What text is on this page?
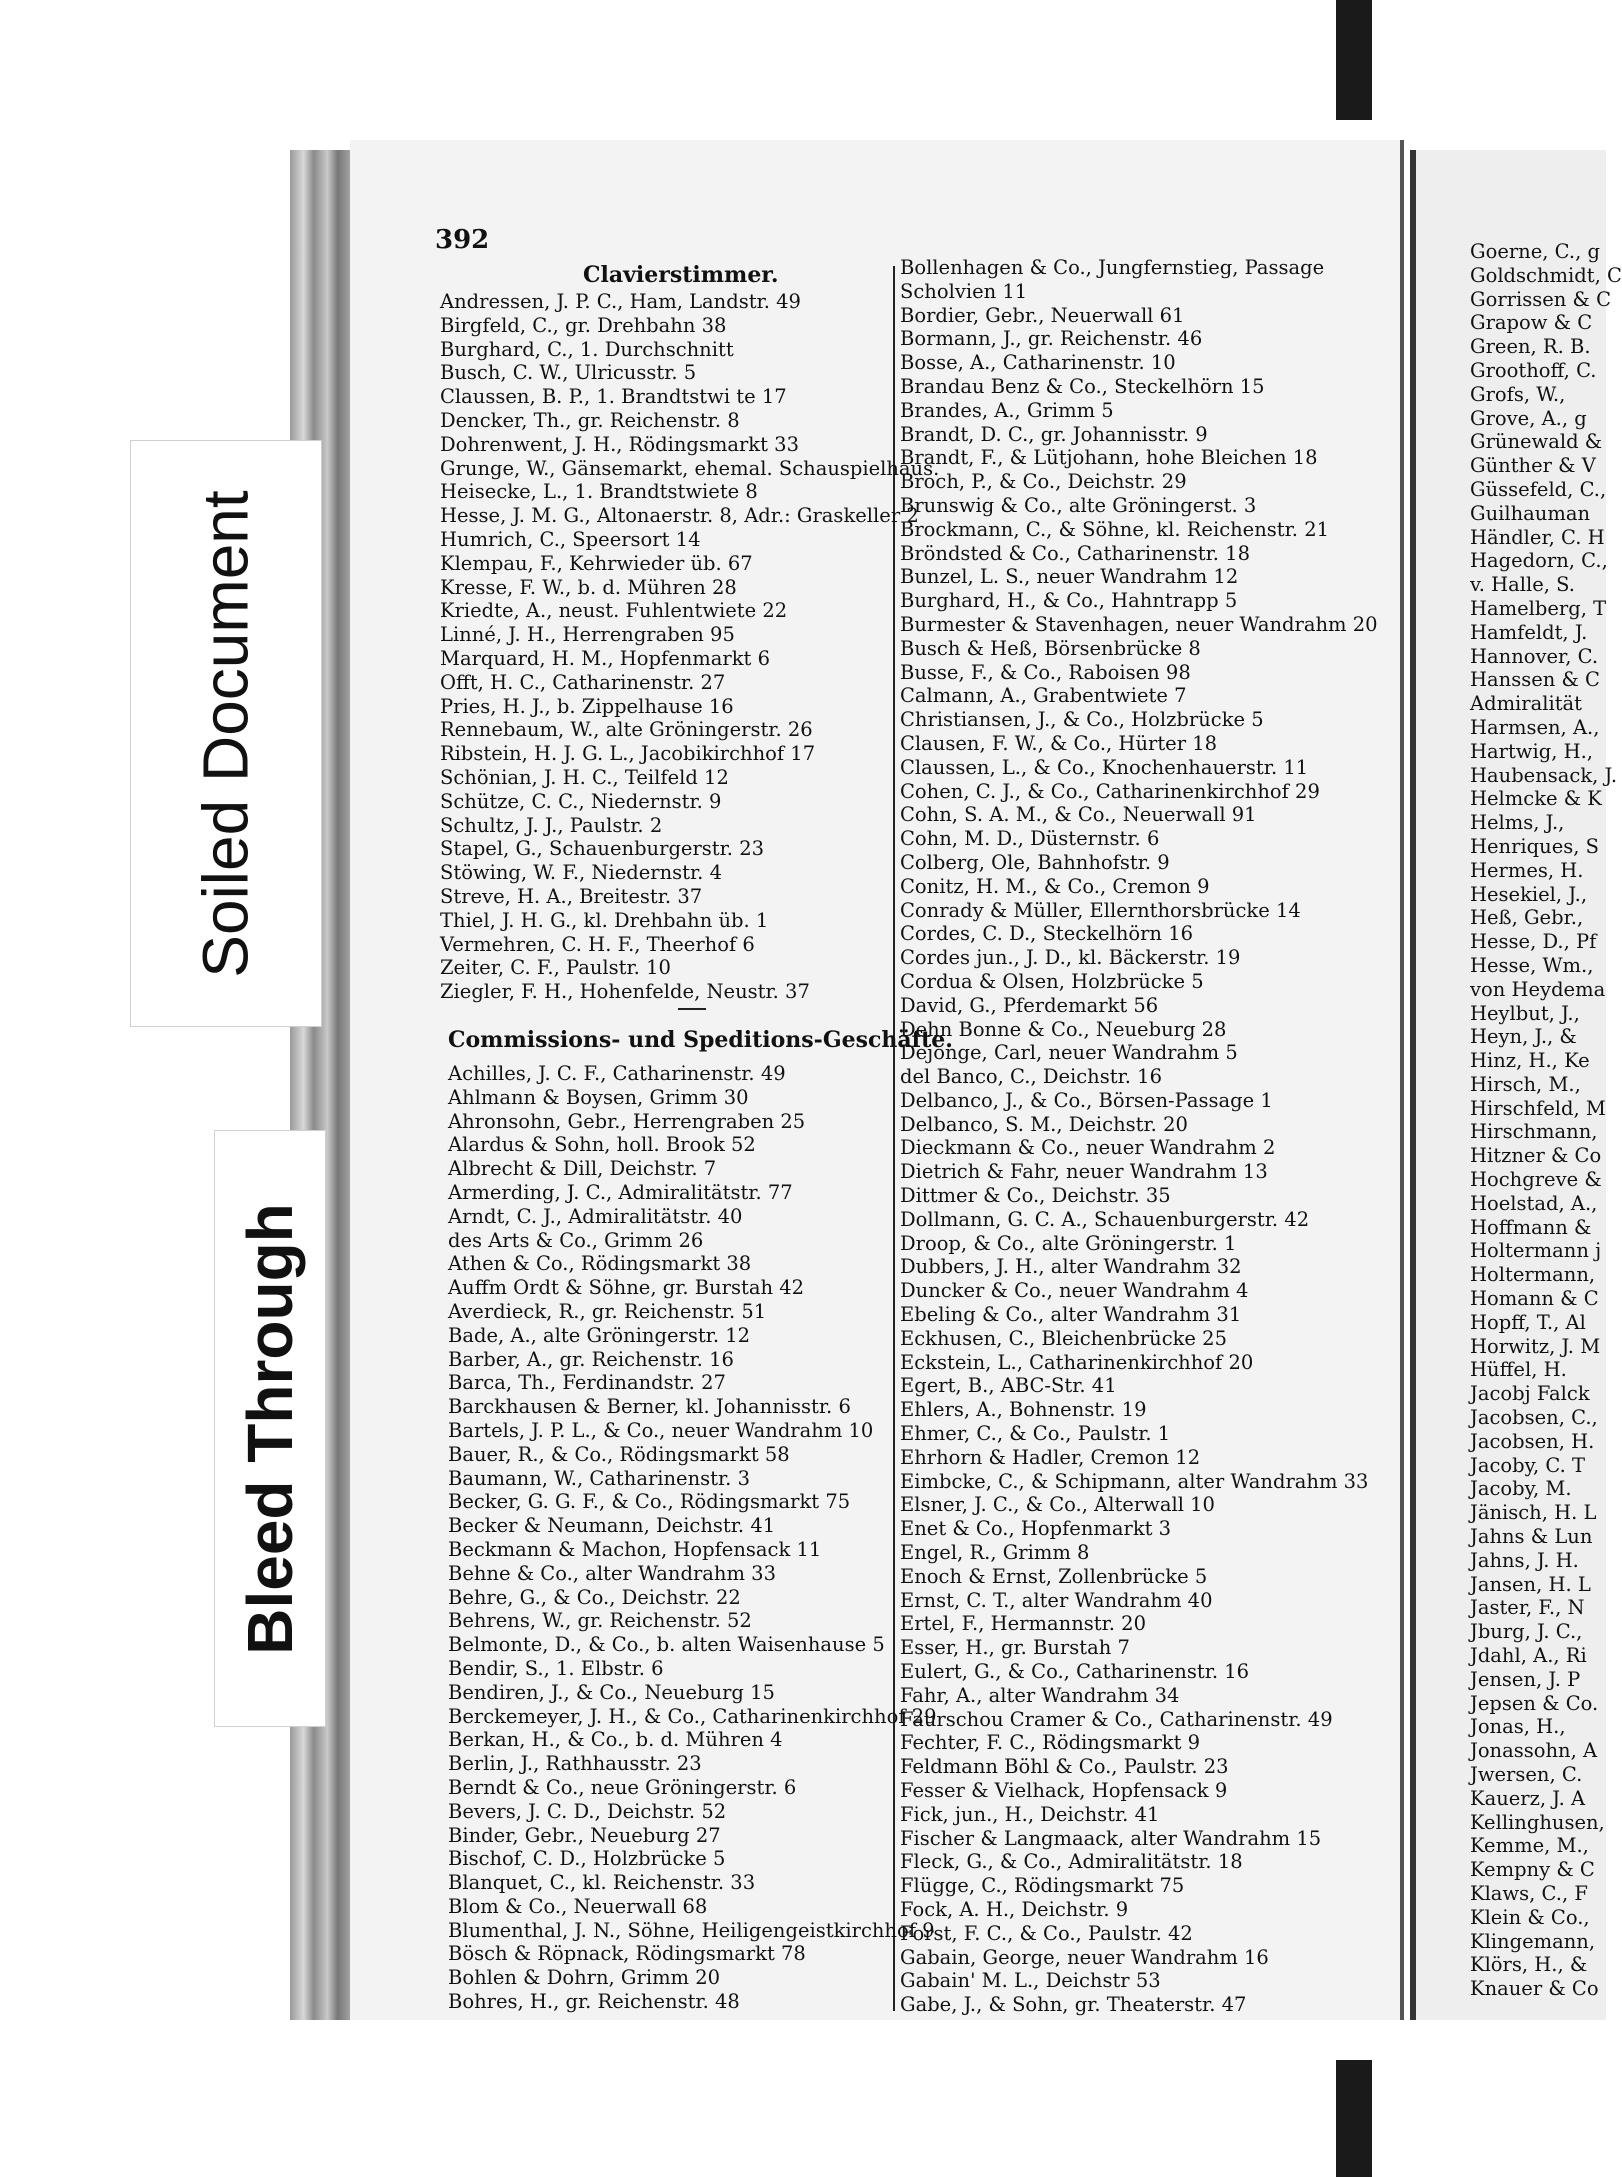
Soiled Document
Bleed Through
392
Clavierstimmer.
Andressen, J. P. C., Ham, Landstr. 49
Birgfeld, C., gr. Drehbahn 38
Burghard, C., 1. Durchschnitt
Busch, C. W., Ulricusstr. 5
Claussen, B. P., 1. Brandtstwi te 17
Dencker, Th., gr. Reichenstr. 8
Dohrenwent, J. H., Rödingsmarkt 33
Grunge, W., Gänsemarkt, ehemal. Schauspielhaus.
Heisecke, L., 1. Brandtstwiete 8
Hesse, J. M. G., Altonaerstr. 8, Adr.: Graskeller 2
Humrich, C., Speersort 14
Klempau, F., Kehrwieder üb. 67
Kresse, F. W., b. d. Mühren 28
Kriedte, A., neust. Fuhlentwiete 22
Linné, J. H., Herrengraben 95
Marquard, H. M., Hopfenmarkt 6
Offt, H. C., Catharinenstr. 27
Pries, H. J., b. Zippelhause 16
Rennebaum, W., alte Gröningerstr. 26
Ribstein, H. J. G. L., Jacobikirchhof 17
Schönian, J. H. C., Teilfeld 12
Schütze, C. C., Niedernstr. 9
Schultz, J. J., Paulstr. 2
Stapel, G., Schauenburgerstr. 23
Stöwing, W. F., Niedernstr. 4
Streve, H. A., Breitestr. 37
Thiel, J. H. G., kl. Drehbahn üb. 1
Vermehren, C. H. F., Theerhof 6
Zeiter, C. F., Paulstr. 10
Ziegler, F. H., Hohenfelde, Neustr. 37
Commissions- und Speditions-Geschäfte.
Achilles, J. C. F., Catharinenstr. 49
Ahlmann & Boysen, Grimm 30
Ahronsohn, Gebr., Herrengraben 25
Alardus & Sohn, holl. Brook 52
Albrecht & Dill, Deichstr. 7
Armerding, J. C., Admiralitätstr. 77
Arndt, C. J., Admiralitätstr. 40
des Arts & Co., Grimm 26
Athen & Co., Rödingsmarkt 38
Auffm Ordt & Söhne, gr. Burstah 42
Averdieck, R., gr. Reichenstr. 51
Bade, A., alte Gröningerstr. 12
Barber, A., gr. Reichenstr. 16
Barca, Th., Ferdinandstr. 27
Barckhausen & Berner, kl. Johannisstr. 6
Bartels, J. P. L., & Co., neuer Wandrahm 10
Bauer, R., & Co., Rödingsmarkt 58
Baumann, W., Catharinenstr. 3
Becker, G. G. F., & Co., Rödingsmarkt 75
Becker & Neumann, Deichstr. 41
Beckmann & Machon, Hopfensack 11
Behne & Co., alter Wandrahm 33
Behre, G., & Co., Deichstr. 22
Behrens, W., gr. Reichenstr. 52
Belmonte, D., & Co., b. alten Waisenhause 5
Bendir, S., 1. Elbstr. 6
Bendiren, J., & Co., Neueburg 15
Berckemeyer, J. H., & Co., Catharinenkirchhof 29
Berkan, H., & Co., b. d. Mühren 4
Berlin, J., Rathhausstr. 23
Berndt & Co., neue Gröningerstr. 6
Bevers, J. C. D., Deichstr. 52
Binder, Gebr., Neueburg 27
Bischof, C. D., Holzbrücke 5
Blanquet, C., kl. Reichenstr. 33
Blom & Co., Neuerwall 68
Blumenthal, J. N., Söhne, Heiligengeistkirchhof 9
Bösch & Röpnack, Rödingsmarkt 78
Bohlen & Dohrn, Grimm 20
Bohres, H., gr. Reichenstr. 48
Bollenhagen & Co., Jungfernstieg, Passage
Scholvien 11
Bordier, Gebr., Neuerwall 61
Bormann, J., gr. Reichenstr. 46
Bosse, A., Catharinenstr. 10
Brandau Benz & Co., Steckelhörn 15
Brandes, A., Grimm 5
Brandt, D. C., gr. Johannisstr. 9
Brandt, F., & Lütjohann, hohe Bleichen 18
Broch, P., & Co., Deichstr. 29
Brunswig & Co., alte Gröningerst. 3
Brockmann, C., & Söhne, kl. Reichenstr. 21
Bröndsted & Co., Catharinenstr. 18
Bunzel, L. S., neuer Wandrahm 12
Burghard, H., & Co., Hahntrapp 5
Burmester & Stavenhagen, neuer Wandrahm 20
Busch & Heß, Börsenbrücke 8
Busse, F., & Co., Raboisen 98
Calmann, A., Grabentwiete 7
Christiansen, J., & Co., Holzbrücke 5
Clausen, F. W., & Co., Hürter 18
Claussen, L., & Co., Knochenhauerstr. 11
Cohen, C. J., & Co., Catharinenkirchhof 29
Cohn, S. A. M., & Co., Neuerwall 91
Cohn, M. D., Düsternstr. 6
Colberg, Ole, Bahnhofstr. 9
Conitz, H. M., & Co., Cremon 9
Conrady & Müller, Ellernthorsbrücke 14
Cordes, C. D., Steckelhörn 16
Cordes jun., J. D., kl. Bäckerstr. 19
Cordua & Olsen, Holzbrücke 5
David, G., Pferdemarkt 56
Dehn Bonne & Co., Neueburg 28
Dejonge, Carl, neuer Wandrahm 5
del Banco, C., Deichstr. 16
Delbanco, J., & Co., Börsen-Passage 1
Delbanco, S. M., Deichstr. 20
Dieckmann & Co., neuer Wandrahm 2
Dietrich & Fahr, neuer Wandrahm 13
Dittmer & Co., Deichstr. 35
Dollmann, G. C. A., Schauenburgerstr. 42
Droop, & Co., alte Gröningerstr. 1
Dubbers, J. H., alter Wandrahm 32
Duncker & Co., neuer Wandrahm 4
Ebeling & Co., alter Wandrahm 31
Eckhusen, C., Bleichenbrücke 25
Eckstein, L., Catharinenkirchhof 20
Egert, B., ABC-Str. 41
Ehlers, A., Bohnenstr. 19
Ehmer, C., & Co., Paulstr. 1
Ehrhorn & Hadler, Cremon 12
Eimbcke, C., & Schipmann, alter Wandrahm 33
Elsner, J. C., & Co., Alterwall 10
Enet & Co., Hopfenmarkt 3
Engel, R., Grimm 8
Enoch & Ernst, Zollenbrücke 5
Ernst, C. T., alter Wandrahm 40
Ertel, F., Hermannstr. 20
Esser, H., gr. Burstah 7
Eulert, G., & Co., Catharinenstr. 16
Fahr, A., alter Wandrahm 34
Faurschou Cramer & Co., Catharinenstr. 49
Fechter, F. C., Rödingsmarkt 9
Feldmann Böhl & Co., Paulstr. 23
Fesser & Vielhack, Hopfensack 9
Fick, jun., H., Deichstr. 41
Fischer & Langmaack, alter Wandrahm 15
Fleck, G., & Co., Admiralitätstr. 18
Flügge, C., Rödingsmarkt 75
Fock, A. H., Deichstr. 9
Forst, F. C., & Co., Paulstr. 42
Gabain, George, neuer Wandrahm 16
Gabain' M. L., Deichstr 53
Gabe, J., & Sohn, gr. Theaterstr. 47
Goerne, C., g
Goldschmidt, C
Gorrissen & C
Grapow & C
Green, R. B.
Groothoff, C.
Grofs, W.,
Grove, A., g
Grünewald &
Günther & V
Güssefeld, C.,
Guilhauman
Händler, C. H
Hagedorn, C.,
v. Halle, S.
Hamelberg, T
Hamfeldt, J.
Hannover, C.
Hanssen & C
Admiralität
Harmsen, A.,
Hartwig, H.,
Haubensack, J.
Helmcke & K
Helms, J.,
Henriques, S
Hermes, H.
Hesekiel, J.,
Heß, Gebr.,
Hesse, D., Pf
Hesse, Wm.,
von Heydema
Heylbut, J.,
Heyn, J., &
Hinz, H., Ke
Hirsch, M.,
Hirschfeld, M
Hirschmann,
Hitzner & Co
Hochgreve &
Hoelstad, A.,
Hoffmann &
Holtermann j
Holtermann,
Homann & C
Hopff, T., Al
Horwitz, J. M
Hüffel, H.
Jacobj Falck
Jacobsen, C.,
Jacobsen, H.
Jacoby, C. T
Jacoby, M.
Jänisch, H. L
Jahns & Lun
Jahns, J. H.
Jansen, H. L
Jaster, F., N
Jburg, J. C.,
Jdahl, A., Ri
Jensen, J. P
Jepsen & Co.
Jonas, H.,
Jonassohn, A
Jwersen, C.
Kauerz, J. A
Kellinghusen,
Kemme, M.,
Kempny & C
Klaws, C., F
Klein & Co.,
Klingemann,
Klörs, H., &
Knauer & Co
